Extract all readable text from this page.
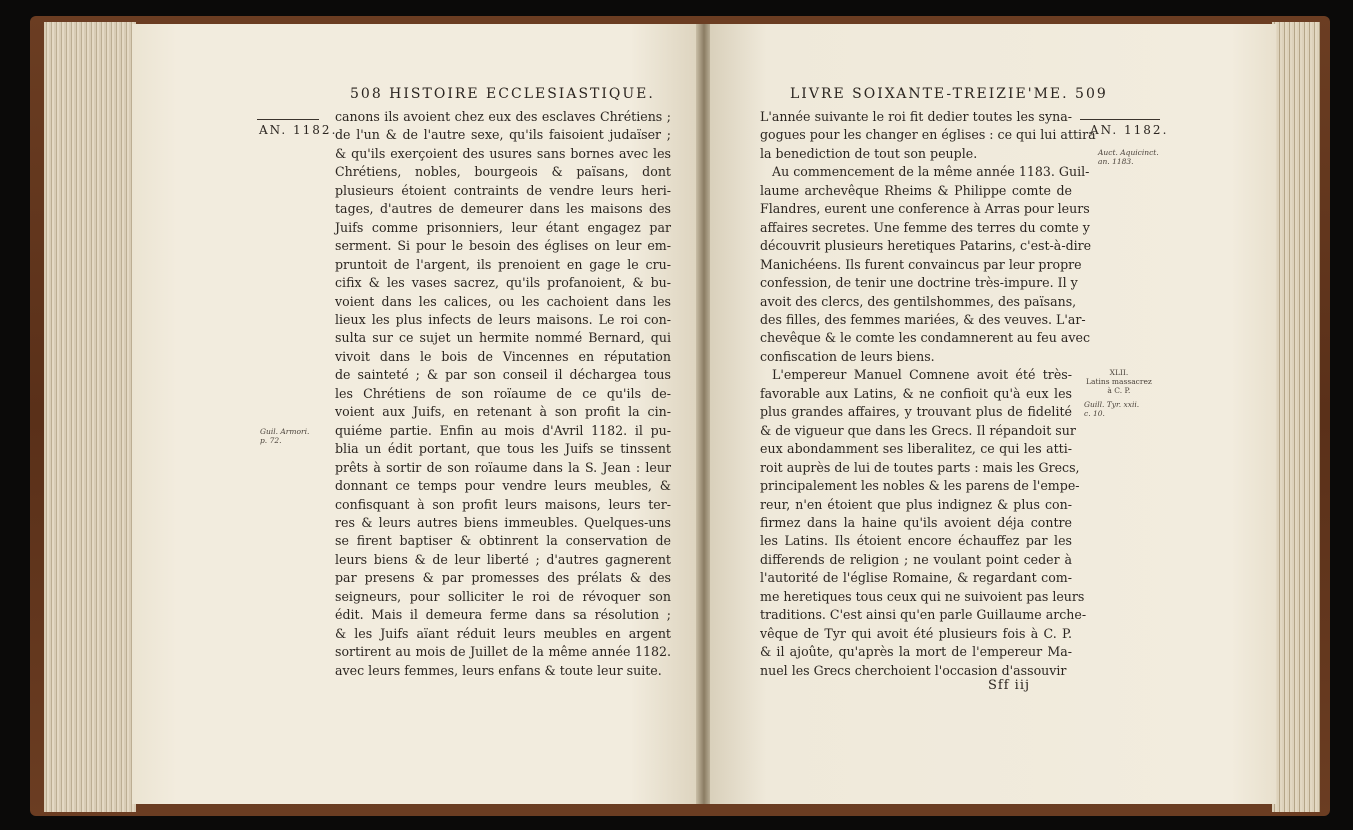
508 HISTOIRE ECCLESIASTIQUE.
AN. 1182.
Guil. Armori.
p. 72.
canons ils avoient chez eux des esclaves Chrétiens ;
de l'un & de l'autre sexe, qu'ils faisoient judaïser ;
& qu'ils exerçoient des usures sans bornes avec les
Chrétiens, nobles, bourgeois & païsans, dont
plusieurs étoient contraints de vendre leurs heri-
tages, d'autres de demeurer dans les maisons des
Juifs comme prisonniers, leur étant engagez par
serment. Si pour le besoin des églises on leur em-
pruntoit de l'argent, ils prenoient en gage le cru-
cifix & les vases sacrez, qu'ils profanoient, & bu-
voient dans les calices, ou les cachoient dans les
lieux les plus infects de leurs maisons. Le roi con-
sulta sur ce sujet un hermite nommé Bernard, qui
vivoit dans le bois de Vincennes en réputation
de sainteté ; & par son conseil il déchargea tous
les Chrétiens de son roïaume de ce qu'ils de-
voient aux Juifs, en retenant à son profit la cin-
quiéme partie. Enfin au mois d'Avril 1182. il pu-
blia un édit portant, que tous les Juifs se tinssent
prêts à sortir de son roïaume dans la S. Jean : leur
donnant ce temps pour vendre leurs meubles, &
confisquant à son profit leurs maisons, leurs ter-
res & leurs autres biens immeubles. Quelques-uns
se firent baptiser & obtinrent la conservation de
leurs biens & de leur liberté ; d'autres gagnerent
par presens & par promesses des prélats & des
seigneurs, pour solliciter le roi de révoquer son
édit. Mais il demeura ferme dans sa résolution ;
& les Juifs aïant réduit leurs meubles en argent
sortirent au mois de Juillet de la même année 1182.
avec leurs femmes, leurs enfans & toute leur suite.
LIVRE SOIXANTE-TREIZIE'ME. 509
AN. 1182.
Auct. Aquicinct.
an. 1183.
XLII.
Latins massacrez
à C. P.
Guill. Tyr. xxii.
c. 10.
L'année suivante le roi fit dedier toutes les syna-
gogues pour les changer en églises : ce qui lui attira
la benediction de tout son peuple.
Au commencement de la même année 1183. Guil-
laume archevêque Rheims & Philippe comte de
Flandres, eurent une conference à Arras pour leurs
affaires secretes. Une femme des terres du comte y
découvrit plusieurs heretiques Patarins, c'est-à-dire
Manichéens. Ils furent convaincus par leur propre
confession, de tenir une doctrine très-impure. Il y
avoit des clercs, des gentilshommes, des païsans,
des filles, des femmes mariées, & des veuves. L'ar-
chevêque & le comte les condamnerent au feu avec
confiscation de leurs biens.
L'empereur Manuel Comnene avoit été très-
favorable aux Latins, & ne confioit qu'à eux les
plus grandes affaires, y trouvant plus de fidelité
& de vigueur que dans les Grecs. Il répandoit sur
eux abondamment ses liberalitez, ce qui les atti-
roit auprès de lui de toutes parts : mais les Grecs,
principalement les nobles & les parens de l'empe-
reur, n'en étoient que plus indignez & plus con-
firmez dans la haine qu'ils avoient déja contre
les Latins. Ils étoient encore échauffez par les
differends de religion ; ne voulant point ceder à
l'autorité de l'église Romaine, & regardant com-
me heretiques tous ceux qui ne suivoient pas leurs
traditions. C'est ainsi qu'en parle Guillaume arche-
vêque de Tyr qui avoit été plusieurs fois à C. P.
& il ajoûte, qu'après la mort de l'empereur Ma-
nuel les Grecs cherchoient l'occasion d'assouvir
Sff iij
